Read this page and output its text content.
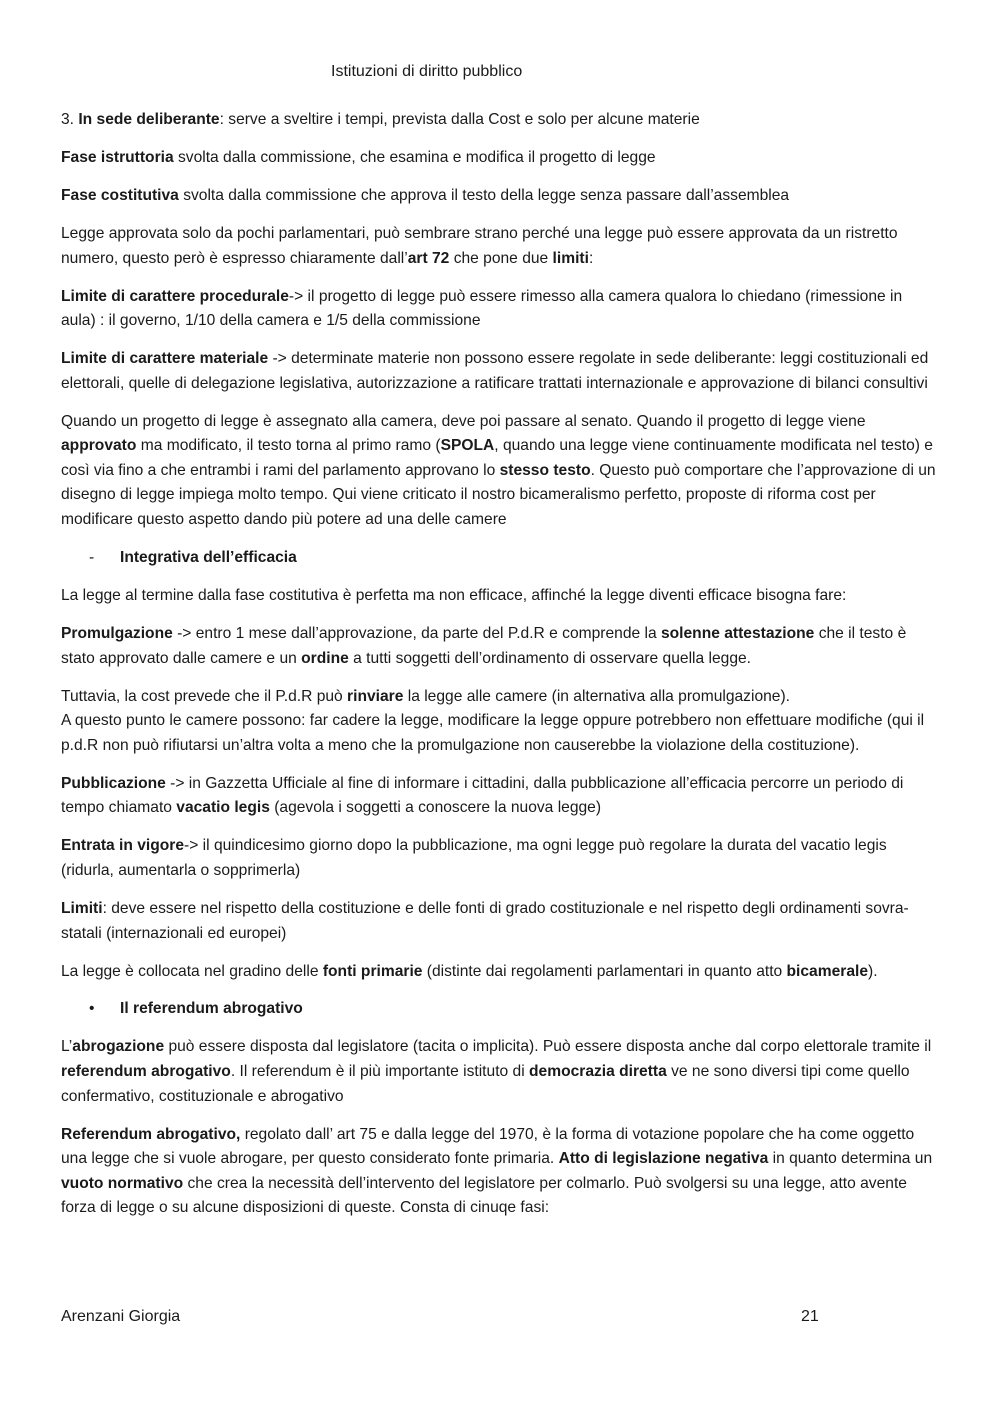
Istituzioni di diritto pubblico

3. In sede deliberante: serve a sveltire i tempi, prevista dalla Cost e solo per alcune materie

Fase istruttoria svolta dalla commissione, che esamina e modifica il progetto di legge

Fase costitutiva svolta dalla commissione che approva il testo della legge senza passare dall’assemblea

Legge approvata solo da pochi parlamentari, può sembrare strano perché una legge può essere approvata da un ristretto numero, questo però è espresso chiaramente dall’art 72 che pone due limiti:

Limite di carattere procedurale-> il progetto di legge può essere rimesso alla camera qualora lo chiedano (rimessione in aula) : il governo, 1/10 della camera e 1/5 della commissione

Limite di carattere materiale -> determinate materie non possono essere regolate in sede deliberante: leggi costituzionali ed elettorali, quelle di delegazione legislativa, autorizzazione a ratificare trattati internazionale e approvazione di bilanci consultivi

Quando un progetto di legge è assegnato alla camera, deve poi passare al senato. Quando il progetto di legge viene approvato ma modificato, il testo torna al primo ramo (SPOLA, quando una legge viene continuamente modificata nel testo) e così via fino a che entrambi i rami del parlamento approvano lo stesso testo. Questo può comportare che l’approvazione di un disegno di legge impiega molto tempo. Qui viene criticato il nostro bicameralismo perfetto, proposte di riforma cost per modificare questo aspetto dando più potere ad una delle camere

- Integrativa dell’efficacia

La legge al termine dalla fase costitutiva è perfetta ma non efficace, affinché la legge diventi efficace bisogna fare:

Promulgazione -> entro 1 mese dall’approvazione, da parte del P.d.R e comprende la solenne attestazione che il testo è stato approvato dalle camere e un ordine a tutti soggetti dell’ordinamento di osservare quella legge.

Tuttavia, la cost prevede che il P.d.R può rinviare la legge alle camere (in alternativa alla promulgazione).
A questo punto le camere possono: far cadere la legge, modificare la legge oppure potrebbero non effettuare modifiche (qui il p.d.R non può rifiutarsi un’altra volta a meno che la promulgazione non causerebbe la violazione della costituzione).

Pubblicazione -> in Gazzetta Ufficiale al fine di informare i cittadini, dalla pubblicazione all’efficacia percorre un periodo di tempo chiamato vacatio legis (agevola i soggetti a conoscere la nuova legge)

Entrata in vigore-> il quindicesimo giorno dopo la pubblicazione, ma ogni legge può regolare la durata del vacatio legis (ridurla, aumentarla o sopprimerla)

Limiti: deve essere nel rispetto della costituzione e delle fonti di grado costituzionale e nel rispetto degli ordinamenti sovra-statali (internazionali ed europei)

La legge è collocata nel gradino delle fonti primarie (distinte dai regolamenti parlamentari in quanto atto bicamerale).

• Il referendum abrogativo

L’abrogazione può essere disposta dal legislatore (tacita o implicita). Può essere disposta anche dal corpo elettorale tramite il referendum abrogativo. Il referendum è il più importante istituto di democrazia diretta ve ne sono diversi tipi come quello confermativo, costituzionale e abrogativo

Referendum abrogativo, regolato dall’ art 75 e dalla legge del 1970, è la forma di votazione popolare che ha come oggetto una legge che si vuole abrogare, per questo considerato fonte primaria. Atto di legislazione negativa in quanto determina un vuoto normativo che crea la necessità dell’intervento del legislatore per colmarlo. Può svolgersi su una legge, atto avente forza di legge o su alcune disposizioni di queste. Consta di cinuqe fasi:

Arenzani Giorgia	21
